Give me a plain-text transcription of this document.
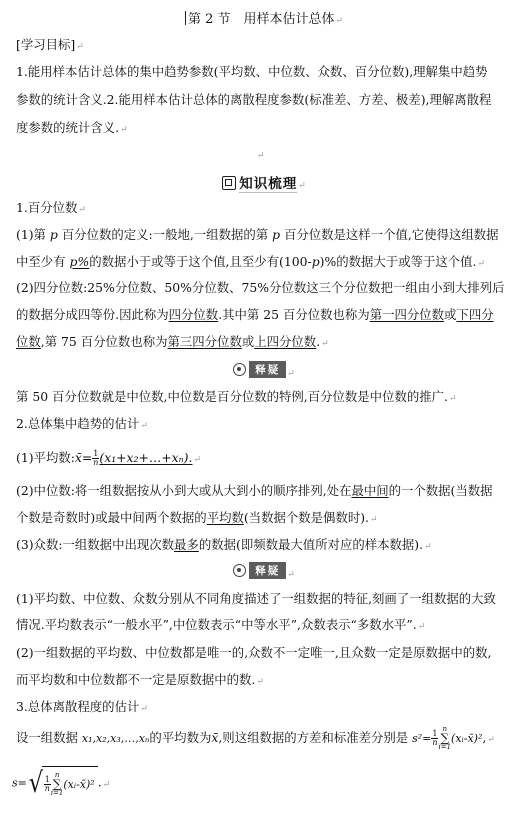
第 2 节　用样本估计总体↵
[学习目标]↵
1.能用样本估计总体的集中趋势参数(平均数、中位数、众数、百分位数),理解集中趋势
参数的统计含义.2.能用样本估计总体的离散程度参数(标准差、方差、极差),理解离散程
度参数的统计含义.↵
↵
知识梳理↵
1.百分位数↵
(1)第 p 百分位数的定义:一般地,一组数据的第 p 百分位数是这样一个值,它使得这组数据
中至少有 p%的数据小于或等于这个值,且至少有(100-p)%的数据大于或等于这个值.↵
(2)四分位数:25%分位数、50%分位数、75%分位数这三个分位数把一组由小到大排列后
的数据分成四等份.因此称为四分位数.其中第 25 百分位数也称为第一四分位数或下四分
位数,第 75 百分位数也称为第三四分位数或上四分位数.↵
释疑 ↵
第 50 百分位数就是中位数,中位数是百分位数的特例,百分位数是中位数的推广.↵
2.总体集中趋势的估计↵
(1)平均数:x̄= $\frac{1}{n}(x_1+x_2+\dots+x_n).↵$
(2)中位数:将一组数据按从小到大或从大到小的顺序排列,处在最中间的一个数据(当数据
个数是奇数时)或最中间两个数据的平均数(当数据个数是偶数时).↵
(3)众数:一组数据中出现次数最多的数据(即频数最大值所对应的样本数据).↵
释疑 ↵
(1)平均数、中位数、众数分别从不同角度描述了一组数据的特征,刻画了一组数据的大致
情况.平均数表示“一般水平”,中位数表示“中等水平”,众数表示“多数水平”.↵
(2)一组数据的平均数、中位数都是唯一的,众数不一定唯一,且众数一定是原数据中的数,
而平均数和中位数都不一定是原数据中的数.↵
3.总体离散程度的估计↵
设一组数据 x₁,x₂,x₃,…,xₙ的平均数为x̄,则这组数据的方差和标准差分别是 $s^2= \frac{1}{n}n$
∑
i=1(xᵢ-x̄)²,↵
$s=√ \frac{1}{n}n$
∑
i=1(xᵢ-x̄)² .↵
